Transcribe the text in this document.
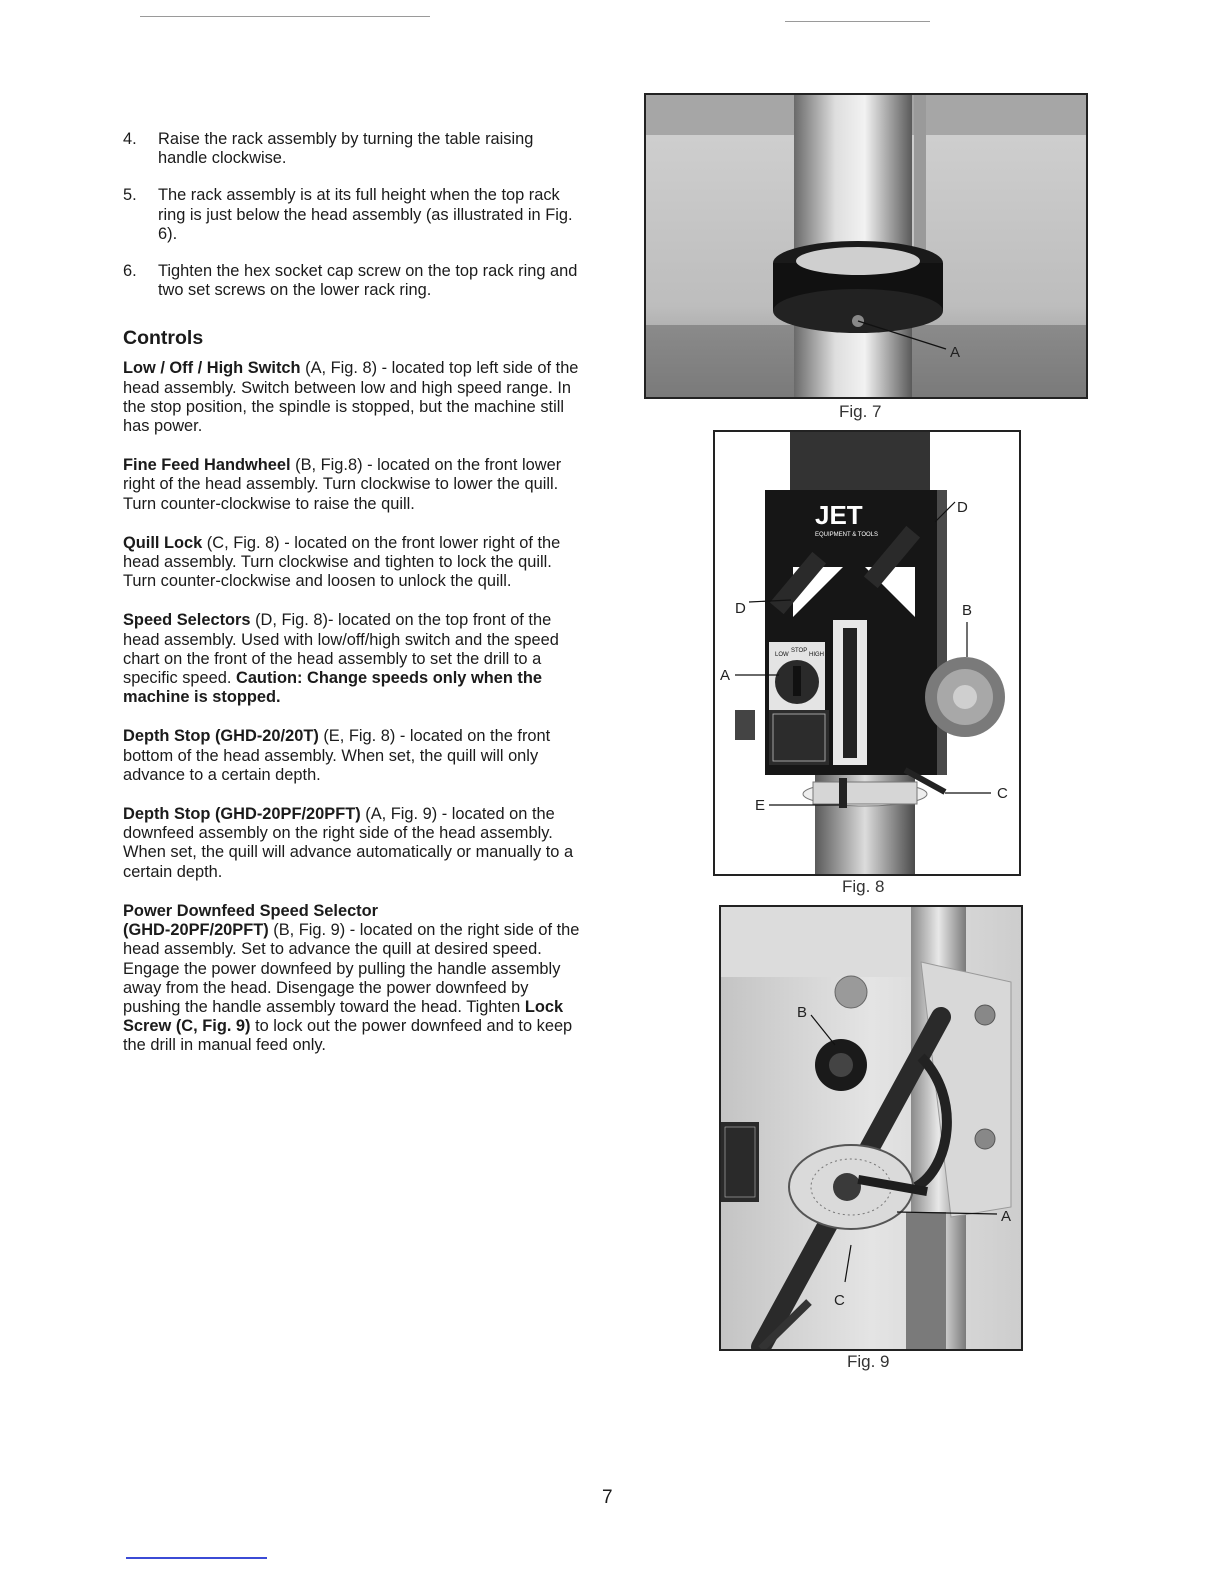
4.	Raise the rack assembly by turning the table raising handle clockwise.
5.	The rack assembly is at its full height when the top rack ring is just below the head assembly (as illustrated in Fig. 6).
6.	Tighten the hex socket cap screw on the top rack ring and two set screws on the lower rack ring.
Controls

Low / Off / High Switch (A, Fig. 8) - located top left side of the head assembly. Switch between low and high speed range. In the stop position, the spindle is stopped, but the machine still has power.

Fine Feed Handwheel (B, Fig.8) - located on the front lower right of the head assembly. Turn clockwise to lower the quill. Turn counter-clockwise to raise the quill.

Quill Lock (C, Fig. 8) - located on the front lower right of the head assembly. Turn clockwise and tighten to lock the quill. Turn counter-clockwise and loosen to unlock the quill.

Speed Selectors (D, Fig. 8)- located on the top front of the head assembly. Used with low/off/high switch and the speed chart on the front of the head assembly to set the drill to a specific speed. Caution: Change speeds only when the machine is stopped.

Depth Stop (GHD-20/20T) (E, Fig. 8) - located on the front bottom of the head assembly. When set, the quill will only advance to a certain depth.

Depth Stop (GHD-20PF/20PFT) (A, Fig. 9) - located on the downfeed assembly on the right side of the head assembly. When set, the quill will advance automatically or manually to a certain depth.

Power Downfeed Speed Selector
(GHD-20PF/20PFT) (B, Fig. 9) - located on the right side of the head assembly. Set to advance the quill at desired speed. Engage the power downfeed by pulling the handle assembly away from the head. Disengage the power downfeed by pushing the handle assembly toward the head. Tighten Lock Screw (C, Fig. 9) to lock out the power downfeed and to keep the drill in manual feed only.

A
Fig. 7
JET
EQUIPMENT & TOOLS
LOW
STOP
HIGH
D
D	B
A
C
E
Fig. 8
B
A
C
Fig. 9
7
